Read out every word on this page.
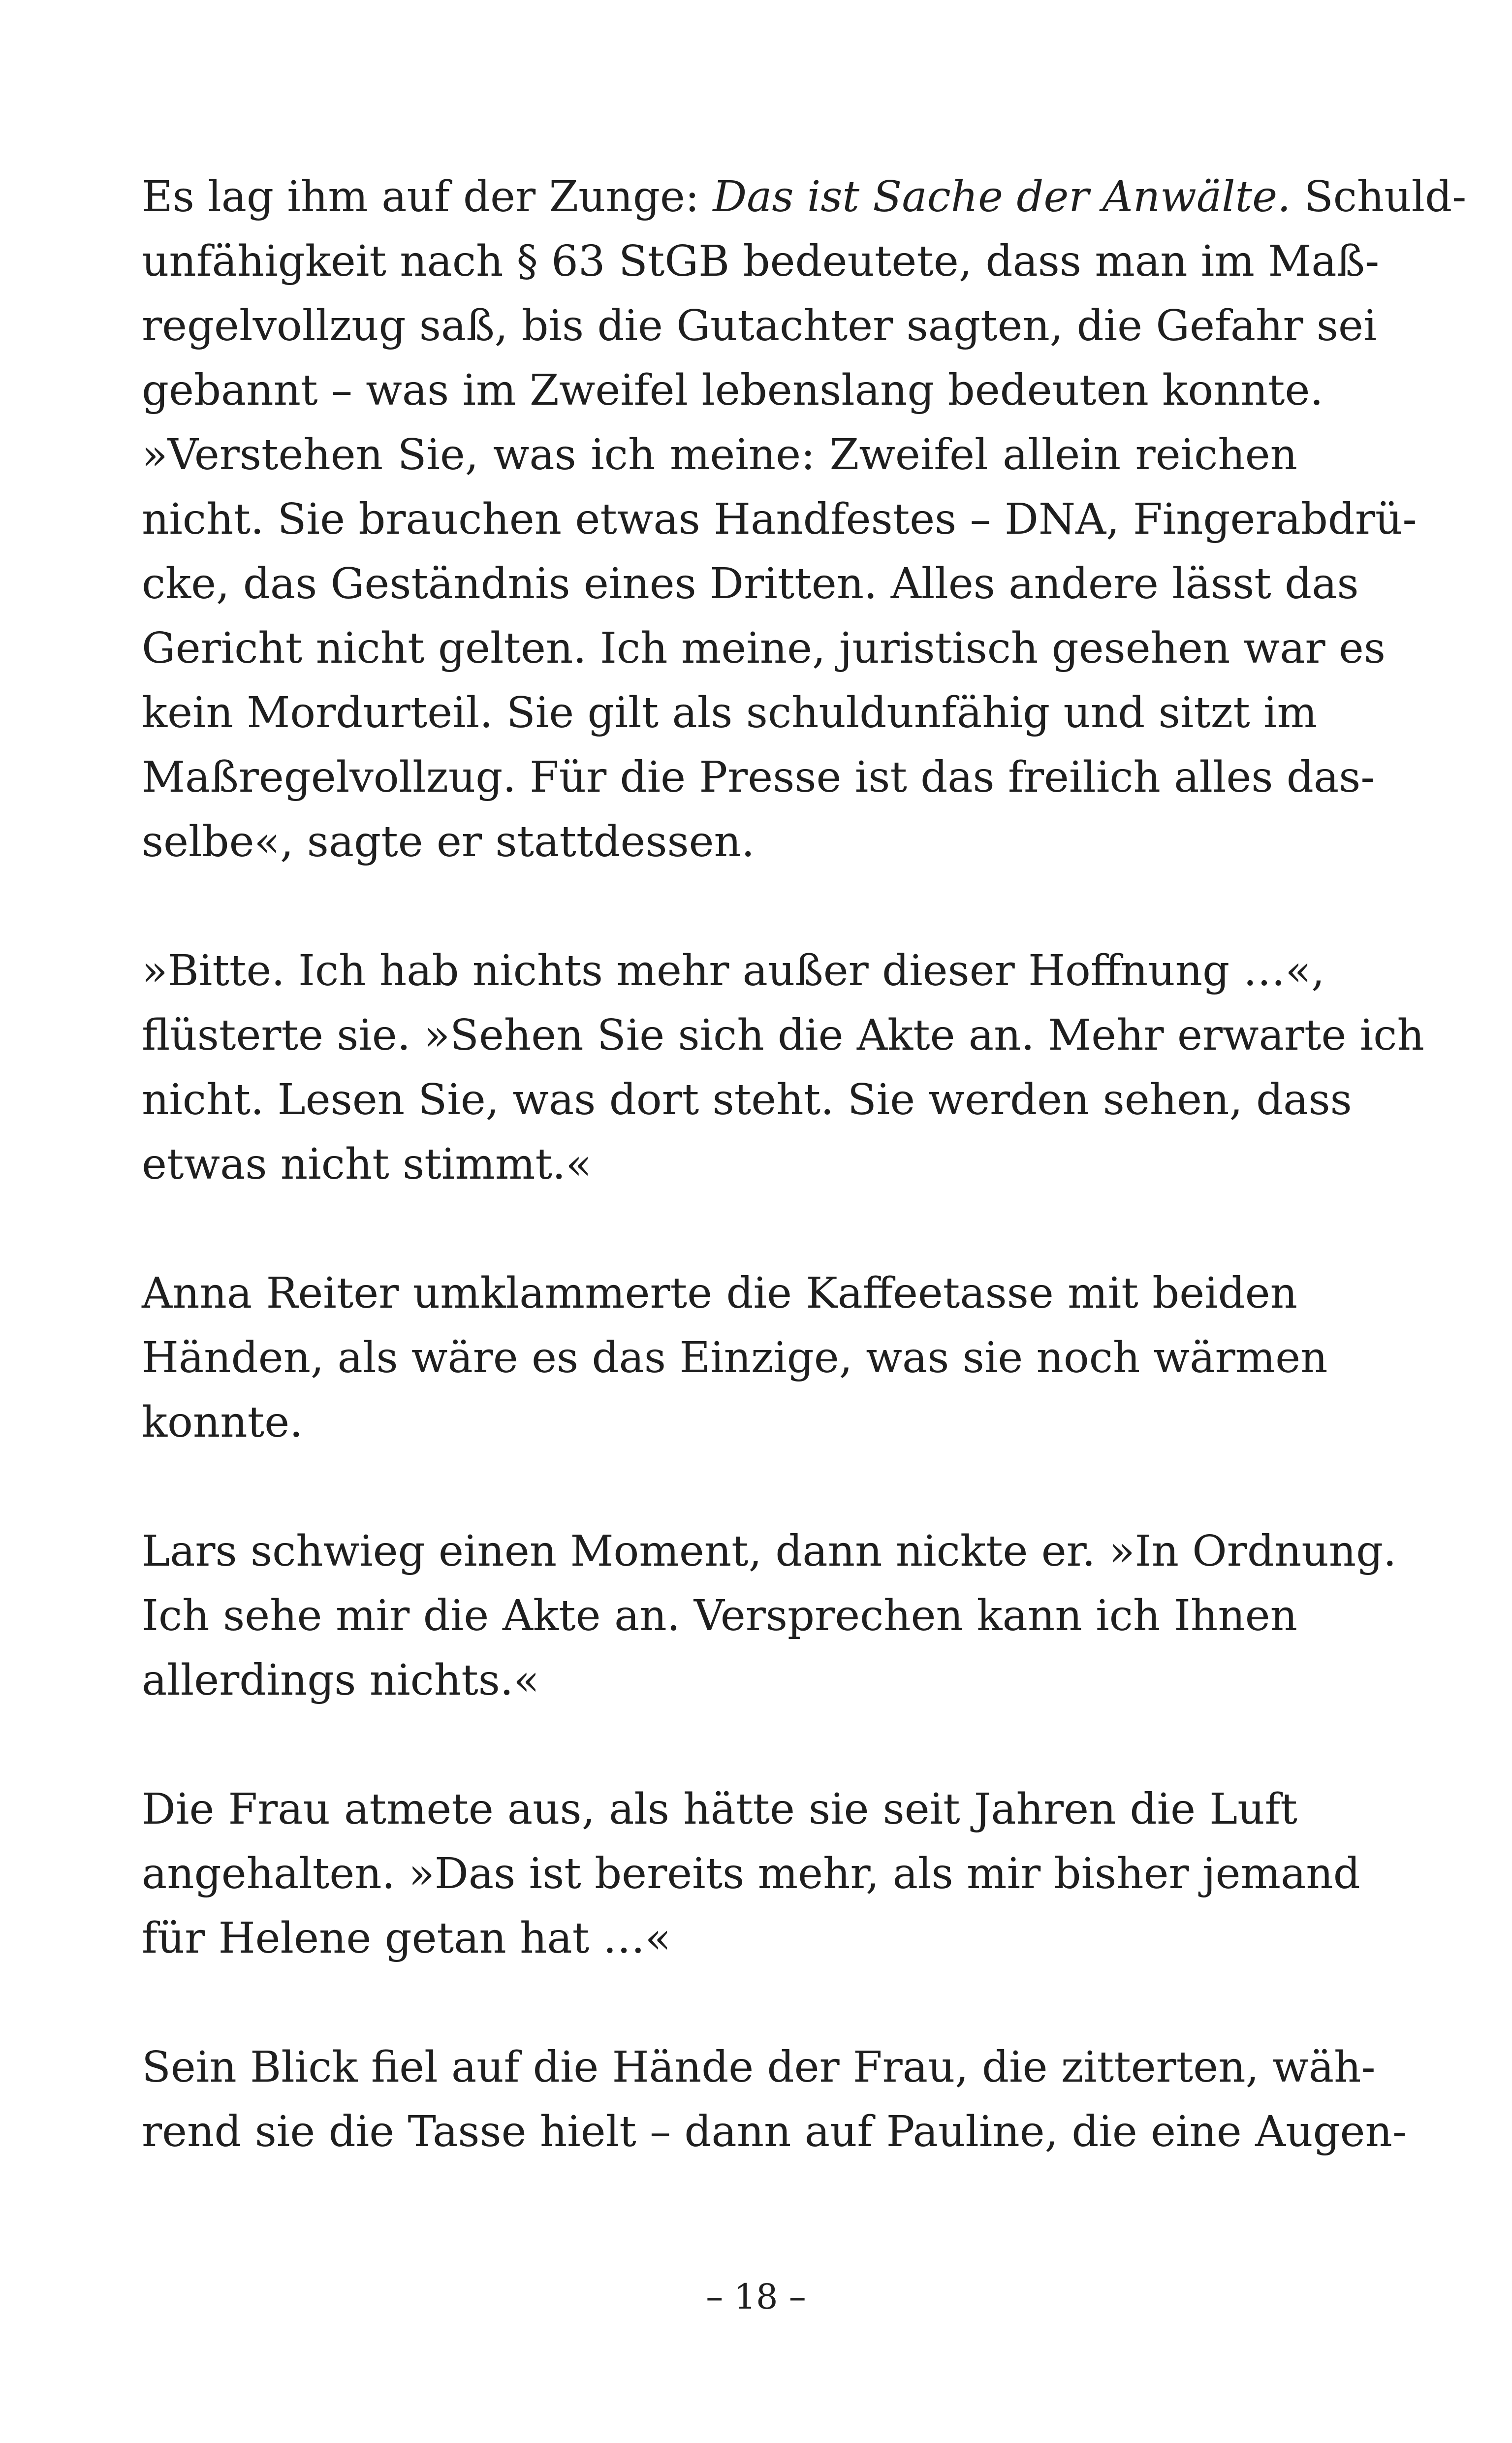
Es lag ihm auf der Zunge: Das ist Sache der Anwälte. Schuld-
unfähigkeit nach § 63 StGB bedeutete, dass man im Maß-
regelvollzug saß, bis die Gutachter sagten, die Gefahr sei
gebannt – was im Zweifel lebenslang bedeuten konnte.
»Verstehen Sie, was ich meine: Zweifel allein reichen
nicht. Sie brauchen etwas Handfestes – DNA, Fingerabdrü-
cke, das Geständnis eines Dritten. Alles andere lässt das
Gericht nicht gelten. Ich meine, juristisch gesehen war es
kein Mordurteil. Sie gilt als schuldunfähig und sitzt im
Maßregelvollzug. Für die Presse ist das freilich alles das-
selbe«, sagte er stattdessen.
»Bitte. Ich hab nichts mehr außer dieser Hoffnung …«,
flüsterte sie. »Sehen Sie sich die Akte an. Mehr erwarte ich
nicht. Lesen Sie, was dort steht. Sie werden sehen, dass
etwas nicht stimmt.«
Anna Reiter umklammerte die Kaffeetasse mit beiden
Händen, als wäre es das Einzige, was sie noch wärmen
konnte.
Lars schwieg einen Moment, dann nickte er. »In Ordnung.
Ich sehe mir die Akte an. Versprechen kann ich Ihnen
allerdings nichts.«
Die Frau atmete aus, als hätte sie seit Jahren die Luft
angehalten. »Das ist bereits mehr, als mir bisher jemand
für Helene getan hat …«
Sein Blick fiel auf die Hände der Frau, die zitterten, wäh-
rend sie die Tasse hielt – dann auf Pauline, die eine Augen-
– 18 –
